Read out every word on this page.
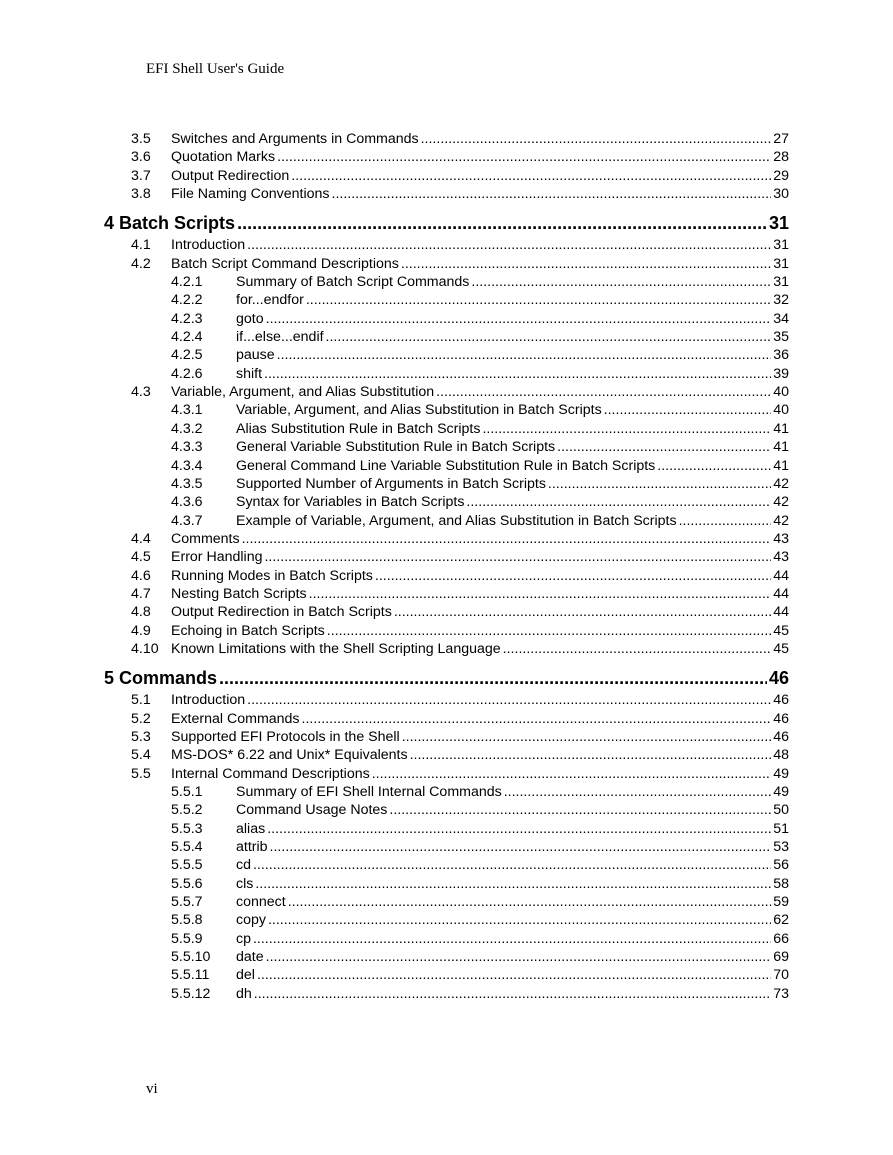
EFI Shell User's Guide
3.5	Switches and Arguments in Commands .....	27
3.6	Quotation Marks .....	28
3.7	Output Redirection .....	29
3.8	File Naming Conventions .....	30
4 Batch Scripts .....	31
4.1	Introduction .....	31
4.2	Batch Script Command Descriptions .....	31
4.2.1	Summary of Batch Script Commands .....	31
4.2.2	for...endfor .....	32
4.2.3	goto .....	34
4.2.4	if...else...endif .....	35
4.2.5	pause .....	36
4.2.6	shift .....	39
4.3	Variable, Argument, and Alias Substitution .....	40
4.3.1	Variable, Argument, and Alias Substitution in Batch Scripts .....	40
4.3.2	Alias Substitution Rule in Batch Scripts .....	41
4.3.3	General Variable Substitution Rule in Batch Scripts .....	41
4.3.4	General Command Line Variable Substitution Rule in Batch Scripts .....	41
4.3.5	Supported Number of Arguments in Batch Scripts .....	42
4.3.6	Syntax for Variables in Batch Scripts .....	42
4.3.7	Example of Variable, Argument, and Alias Substitution in Batch Scripts .....	42
4.4	Comments .....	43
4.5	Error Handling .....	43
4.6	Running Modes in Batch Scripts .....	44
4.7	Nesting Batch Scripts .....	44
4.8	Output Redirection in Batch Scripts .....	44
4.9	Echoing in Batch Scripts .....	45
4.10 Known Limitations with the Shell Scripting Language .....	45
5 Commands .....	46
5.1	Introduction .....	46
5.2	External Commands .....	46
5.3	Supported EFI Protocols in the Shell .....	46
5.4	MS-DOS* 6.22 and Unix* Equivalents .....	48
5.5	Internal Command Descriptions .....	49
5.5.1	Summary of EFI Shell Internal Commands .....	49
5.5.2	Command Usage Notes .....	50
5.5.3	alias .....	51
5.5.4	attrib .....	53
5.5.5	cd .....	56
5.5.6	cls .....	58
5.5.7	connect .....	59
5.5.8	copy .....	62
5.5.9	cp .....	66
5.5.10	date .....	69
5.5.11	del .....	70
5.5.12	dh .....	73
vi
